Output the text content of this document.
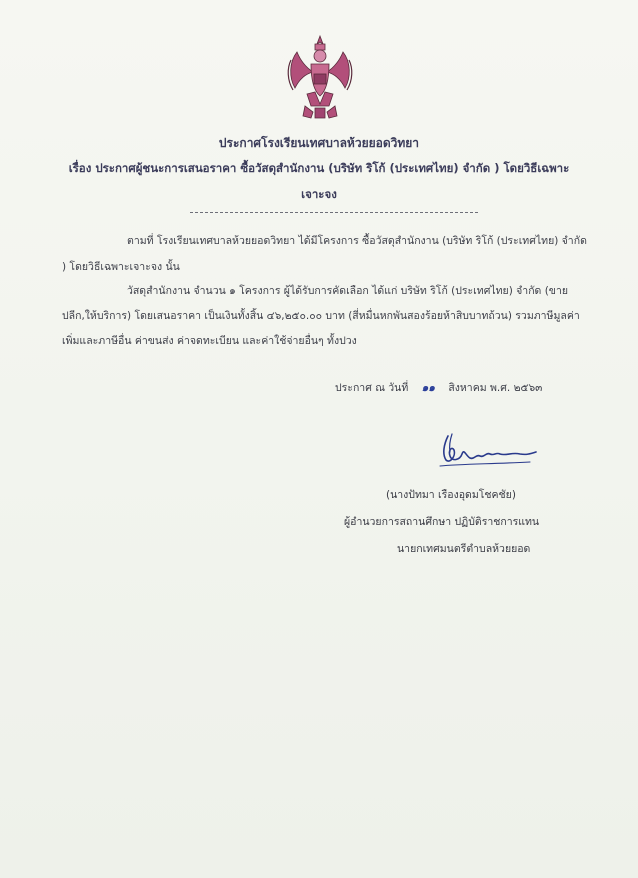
ประกาศโรงเรียนเทศบาลห้วยยอดวิทยา
เรื่อง ประกาศผู้ชนะการเสนอราคา ซื้อวัสดุสำนักงาน (บริษัท ริโก้ (ประเทศไทย) จำกัด ) โดยวิธีเฉพาะ
เจาะจง
ตามที่ โรงเรียนเทศบาลห้วยยอดวิทยา ได้มีโครงการ ซื้อวัสดุสำนักงาน (บริษัท ริโก้ (ประเทศไทย) จำกัด
) โดยวิธีเฉพาะเจาะจง นั้น
วัสดุสำนักงาน จำนวน ๑ โครงการ ผู้ได้รับการคัดเลือก ได้แก่ บริษัท ริโก้ (ประเทศไทย) จำกัด (ขาย
ปลีก,ให้บริการ) โดยเสนอราคา เป็นเงินทั้งสิ้น ๔๖,๒๕๐.๐๐ บาท (สี่หมื่นหกพันสองร้อยห้าสิบบาทถ้วน) รวมภาษีมูลค่า
เพิ่มและภาษีอื่น ค่าขนส่ง ค่าจดทะเบียน และค่าใช้จ่ายอื่นๆ ทั้งปวง
ประกาศ ณ วันที่ ๑๑ สิงหาคม พ.ศ. ๒๕๖๓
(นางปัทมา เรืองอุดมโชคชัย)
ผู้อำนวยการสถานศึกษา ปฏิบัติราชการแทน
นายกเทศมนตรีตำบลห้วยยอด
